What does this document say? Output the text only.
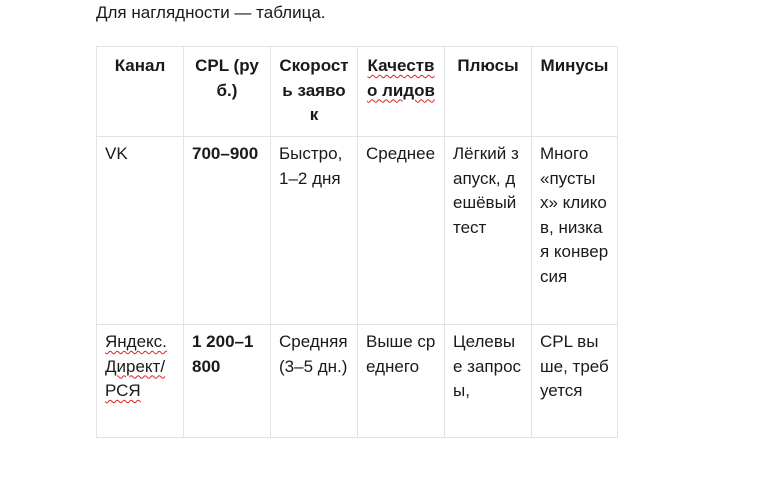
Для наглядности — таблица.
Канал	CPL (руб.)	Скорость заявок	Качество лидов	Плюсы	Минусы
VK	700–900	Быстро, 1–2 дня	Среднее	Лёгкий запуск, дешёвый тест	Много «пустых» кликов, низкая конверсия
Яндекс.Директ/РСЯ	1 200–1 800	Средняя (3–5 дн.)	Выше среднего	Целевые запросы,	CPL выше, требуется
